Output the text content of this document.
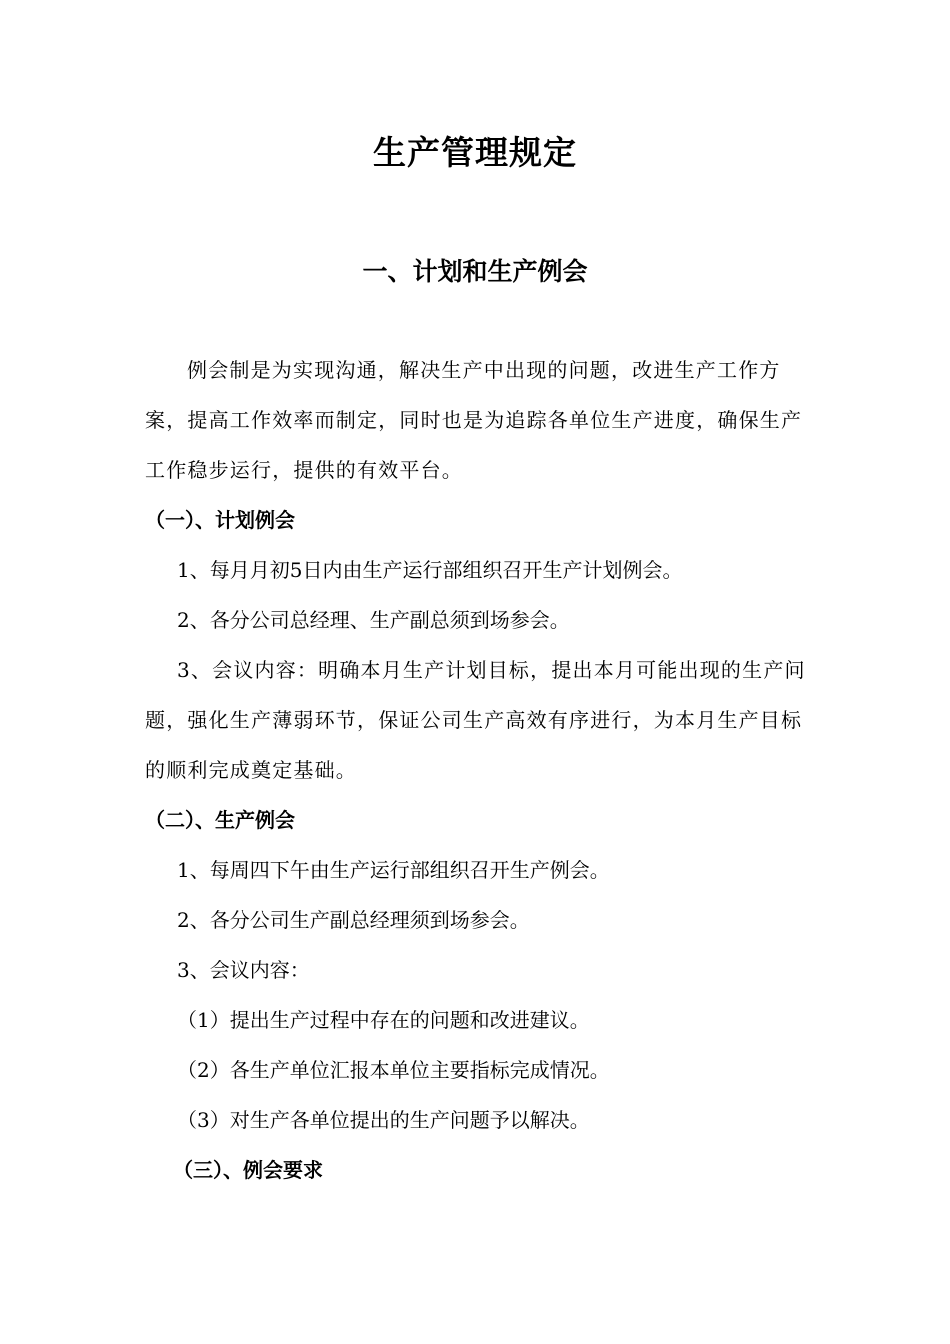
生产管理规定
一、计划和生产例会

例会制是为实现沟通，解决生产中出现的问题，改进生产工作方案，提高工作效率而制定，同时也是为追踪各单位生产进度，确保生产工作稳步运行，提供的有效平台。

（一）、计划例会

1、每月月初5日内由生产运行部组织召开生产计划例会。

2、各分公司总经理、生产副总须到场参会。

3、会议内容：明确本月生产计划目标，提出本月可能出现的生产问题，强化生产薄弱环节，保证公司生产高效有序进行，为本月生产目标的顺利完成奠定基础。

（二）、生产例会

1、每周四下午由生产运行部组织召开生产例会。

2、各分公司生产副总经理须到场参会。

3、会议内容：

（1）提出生产过程中存在的问题和改进建议。

（2）各生产单位汇报本单位主要指标完成情况。

（3）对生产各单位提出的生产问题予以解决。

（三）、例会要求
